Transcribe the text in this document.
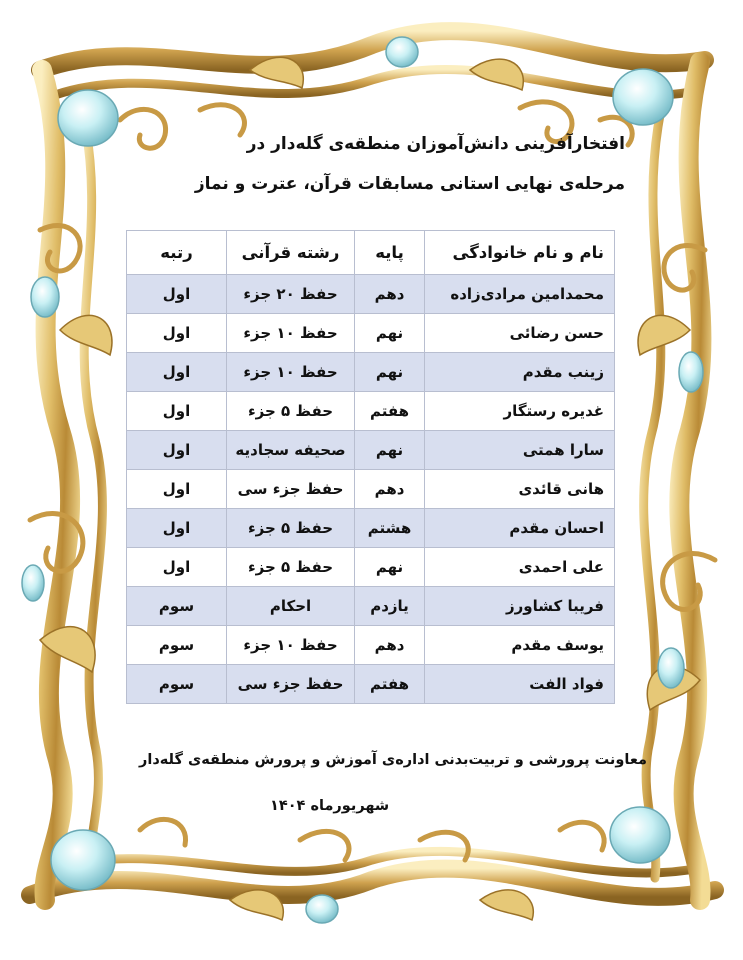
افتخارآفرینی دانش‌آموزان منطقه‌ی گله‌دار در
مرحله‌ی نهایی استانی مسابقات قرآن، عترت و نماز
نام و نام خانوادگی	پایه	رشته قرآنی	رتبه
محمدامین مرادی‌زاده	دهم	حفظ ۲۰ جزء	اول
حسن رضائی	نهم	حفظ ۱۰ جزء	اول
زینب مقدم	نهم	حفظ ۱۰ جزء	اول
غدیره رستگار	هفتم	حفظ ۵ جزء	اول
سارا همتی	نهم	صحیفه سجادیه	اول
هانی قائدی	دهم	حفظ جزء سی	اول
احسان مقدم	هشتم	حفظ ۵ جزء	اول
علی احمدی	نهم	حفظ ۵ جزء	اول
فریبا کشاورز	یازدم	احکام	سوم
یوسف مقدم	دهم	حفظ ۱۰ جزء	سوم
فواد الفت	هفتم	حفظ جزء سی	سوم
معاونت پرورشی و تربیت‌بدنی اداره‌ی آموزش و پرورش منطقه‌ی گله‌دار
شهریورماه ۱۴۰۴
